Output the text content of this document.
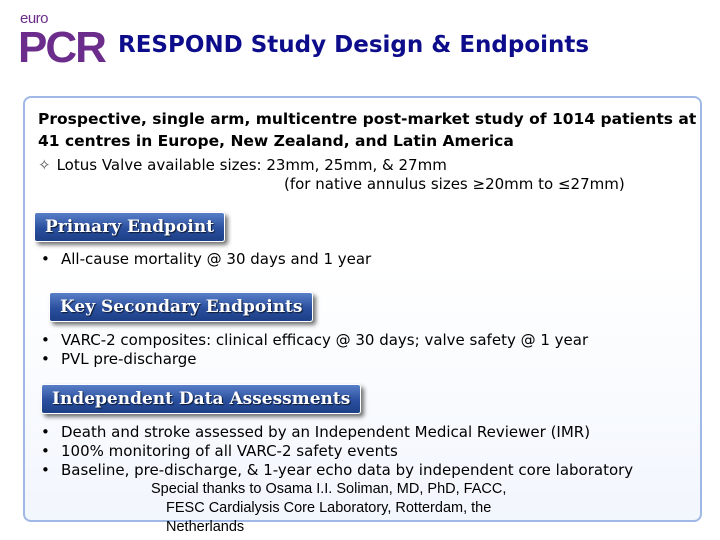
euro
PCR RESPOND Study Design & Endpoints
Prospective, single arm, multicentre post-market study of 1014 patients at 41 centres in Europe, New Zealand, and Latin America
✧ Lotus Valve available sizes: 23mm, 25mm, & 27mm
(for native annulus sizes ≥20mm to ≤27mm)
Primary Endpoint
• All-cause mortality @ 30 days and 1 year
Key Secondary Endpoints
• VARC-2 composites: clinical efficacy @ 30 days; valve safety @ 1 year
• PVL pre-discharge
Independent Data Assessments
• Death and stroke assessed by an Independent Medical Reviewer (IMR)
• 100% monitoring of all VARC-2 safety events
• Baseline, pre-discharge, & 1-year echo data by independent core laboratory
Special thanks to Osama I.I. Soliman, MD, PhD, FACC,
FESC Cardialysis Core Laboratory, Rotterdam, the Netherlands
